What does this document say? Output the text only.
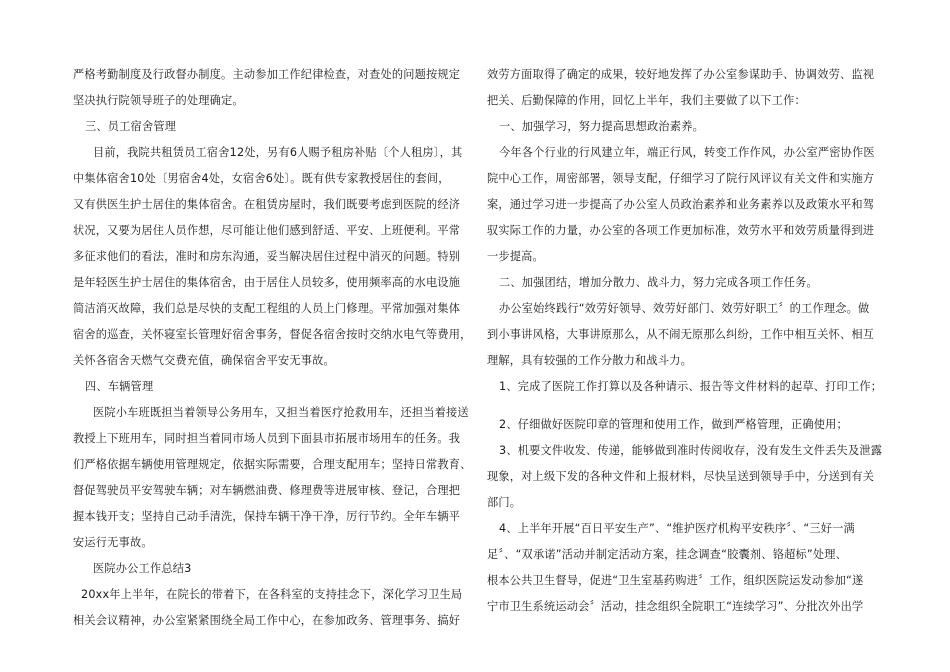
严格考勤制度及行政督办制度。主动参加工作纪律检查，对查处的问题按规定
坚决执行院领导班子的处理确定。
三、员工宿舍管理
目前，我院共租赁员工宿舍12处，另有6人赐予租房补贴〔个人租房〕，其
中集体宿舍10处〔男宿舍4处，女宿舍6处〕。既有供专家教授居住的套间，
又有供医生护士居住的集体宿舍。在租赁房屋时，我们既要考虑到医院的经济
状况，又要为居住人员作想，尽可能让他们感到舒适、平安、上班便利。平常
多征求他们的看法，准时和房东沟通，妥当解决居住过程中消灭的问题。特别
是年轻医生护士居住的集体宿舍，由于居住人员较多，使用频率高的水电设施
简洁消灭故障，我们总是尽快的支配工程组的人员上门修理。平常加强对集体
宿舍的巡查，关怀寝室长管理好宿舍事务，督促各宿舍按时交纳水电气等费用，
关怀各宿舍天燃气交费充值，确保宿舍平安无事故。
四、车辆管理
医院小车班既担当着领导公务用车，又担当着医疗抢救用车，还担当着接送
教授上下班用车，同时担当着同市场人员到下面县市拓展市场用车的任务。我
们严格依据车辆使用管理规定，依据实际需要，合理支配用车；坚持日常教育、
督促驾驶员平安驾驶车辆；对车辆燃油费、修理费等进展审核、登记，合理把
握本钱开支；坚持自己动手清洗，保持车辆干净干净，厉行节约。全年车辆平
安运行无事故。
医院办公工作总结3
20xx年上半年，在院长的带着下，在各科室的支持挂念下，深化学习卫生局
相关会议精神，办公室紧紧围绕全局工作中心，在参加政务、管理事务、搞好
效劳方面取得了确定的成果，较好地发挥了办公室参谋助手、协调效劳、监视
把关、后勤保障的作用，回忆上半年，我们主要做了以下工作：
一、加强学习，努力提高思想政治素养。
今年各个行业的行风建立年，端正行风，转变工作作风，办公室严密协作医
院中心工作，周密部署，领导支配，仔细学习了院行风评议有关文件和实施方
案，通过学习进一步提高了办公室人员政治素养和业务素养以及政策水平和驾
驭实际工作的力量，办公室的各项工作更加标准，效劳水平和效劳质量得到进
一步提高。
二、加强团结，增加分散力、战斗力，努力完成各项工作任务。
办公室始终践行“效劳好领导、效劳好部门、效劳好职工〞的工作理念。做
到小事讲风格，大事讲原那么，从不闹无原那么纠纷，工作中相互关怀、相互
理解，具有较强的工作分散力和战斗力。
1、完成了医院工作打算以及各种请示、报告等文件材料的起草、打印工作；
2、仔细做好医院印章的管理和使用工作，做到严格管理，正确使用；
3、机要文件收发、传递，能够做到准时传阅收存，没有发生文件丢失及泄露
现象，对上级下发的各种文件和上报材料，尽快呈送到领导手中，分送到有关
部门。
4、上半年开展“百日平安生产”、“维护医疗机构平安秩序〞、“三好一满
足〞、“双承诺”活动并制定活动方案，挂念调查“胶囊剂、铬超标”处理、
根本公共卫生督导，促进“卫生室基药购进〞工作，组织医院运发动参加“遂
宁市卫生系统运动会〞活动，挂念组织全院职工“连续学习”、分批次外出学
